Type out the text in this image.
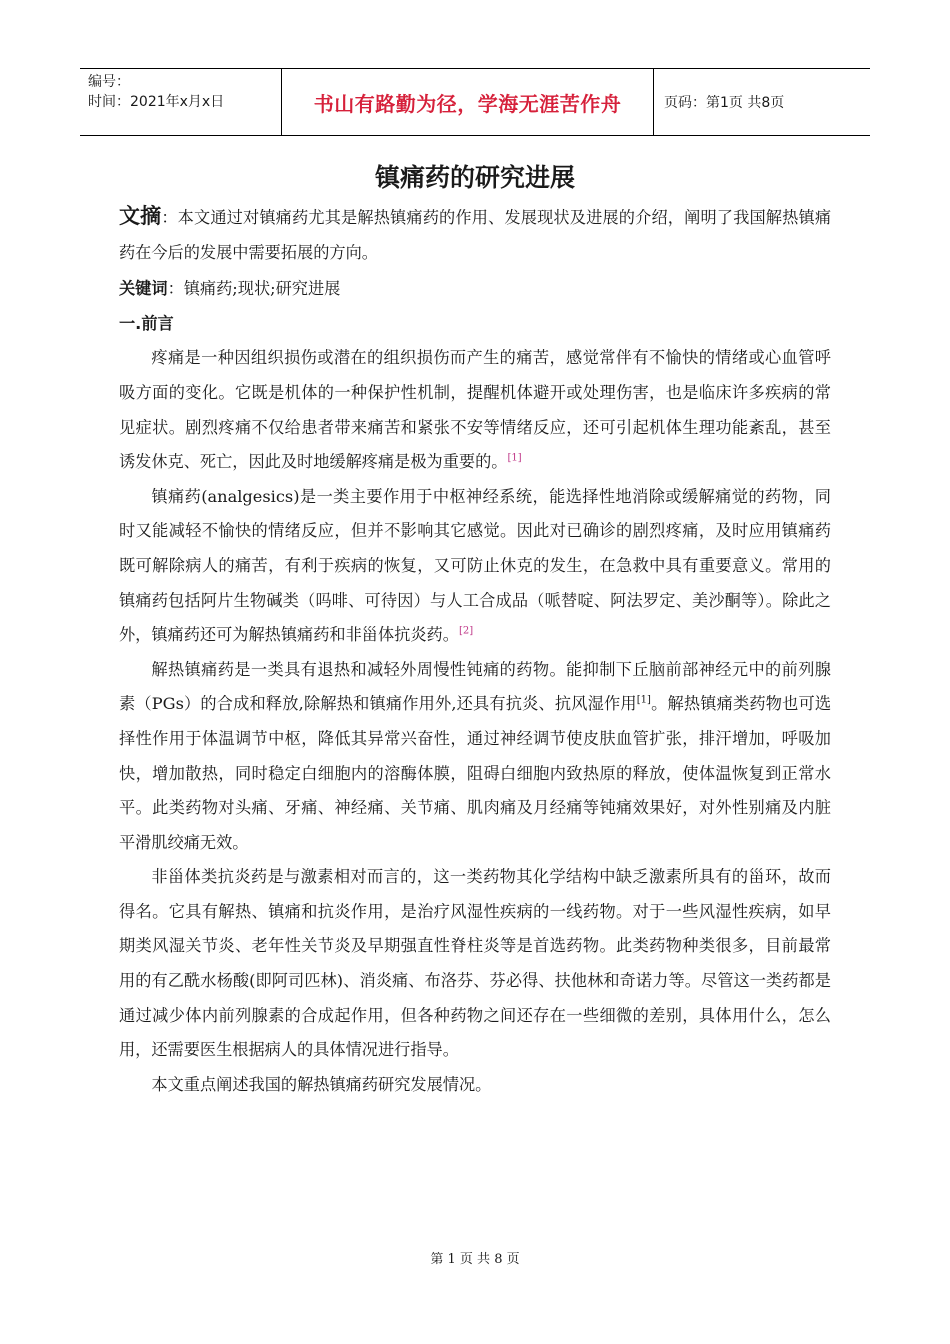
编号：
时间：2021年x月x日	书山有路勤为径，学海无涯苦作舟	页码：第1页 共8页
镇痛药的研究进展

文摘：本文通过对镇痛药尤其是解热镇痛药的作用、发展现状及进展的介绍，阐明了我国解热镇痛药在今后的发展中需要拓展的方向。

关键词：镇痛药;现状;研究进展

一.前言

疼痛是一种因组织损伤或潜在的组织损伤而产生的痛苦，感觉常伴有不愉快的情绪或心血管呼吸方面的变化。它既是机体的一种保护性机制，提醒机体避开或处理伤害，也是临床许多疾病的常见症状。剧烈疼痛不仅给患者带来痛苦和紧张不安等情绪反应，还可引起机体生理功能紊乱，甚至诱发休克、死亡，因此及时地缓解疼痛是极为重要的。[1]

镇痛药(analgesics)是一类主要作用于中枢神经系统，能选择性地消除或缓解痛觉的药物，同时又能减轻不愉快的情绪反应，但并不影响其它感觉。因此对已确诊的剧烈疼痛，及时应用镇痛药既可解除病人的痛苦，有利于疾病的恢复，又可防止休克的发生，在急救中具有重要意义。常用的镇痛药包括阿片生物碱类（吗啡、可待因）与人工合成品（哌替啶、阿法罗定、美沙酮等）。除此之外，镇痛药还可为解热镇痛药和非甾体抗炎药。[2]

解热镇痛药是一类具有退热和减轻外周慢性钝痛的药物。能抑制下丘脑前部神经元中的前列腺素（PGs）的合成和释放,除解热和镇痛作用外,还具有抗炎、抗风湿作用[1]。解热镇痛类药物也可选择性作用于体温调节中枢，降低其异常兴奋性，通过神经调节使皮肤血管扩张，排汗增加，呼吸加快，增加散热，同时稳定白细胞内的溶酶体膜，阻碍白细胞内致热原的释放，使体温恢复到正常水平。此类药物对头痛、牙痛、神经痛、关节痛、肌肉痛及月经痛等钝痛效果好，对外性别痛及内脏平滑肌绞痛无效。

非甾体类抗炎药是与激素相对而言的，这一类药物其化学结构中缺乏激素所具有的甾环，故而得名。它具有解热、镇痛和抗炎作用，是治疗风湿性疾病的一线药物。对于一些风湿性疾病，如早期类风湿关节炎、老年性关节炎及早期强直性脊柱炎等是首选药物。此类药物种类很多，目前最常用的有乙酰水杨酸(即阿司匹林)、消炎痛、布洛芬、芬必得、扶他林和奇诺力等。尽管这一类药都是通过减少体内前列腺素的合成起作用，但各种药物之间还存在一些细微的差别，具体用什么，怎么用，还需要医生根据病人的具体情况进行指导。

本文重点阐述我国的解热镇痛药研究发展情况。

第 1 页 共 8 页
